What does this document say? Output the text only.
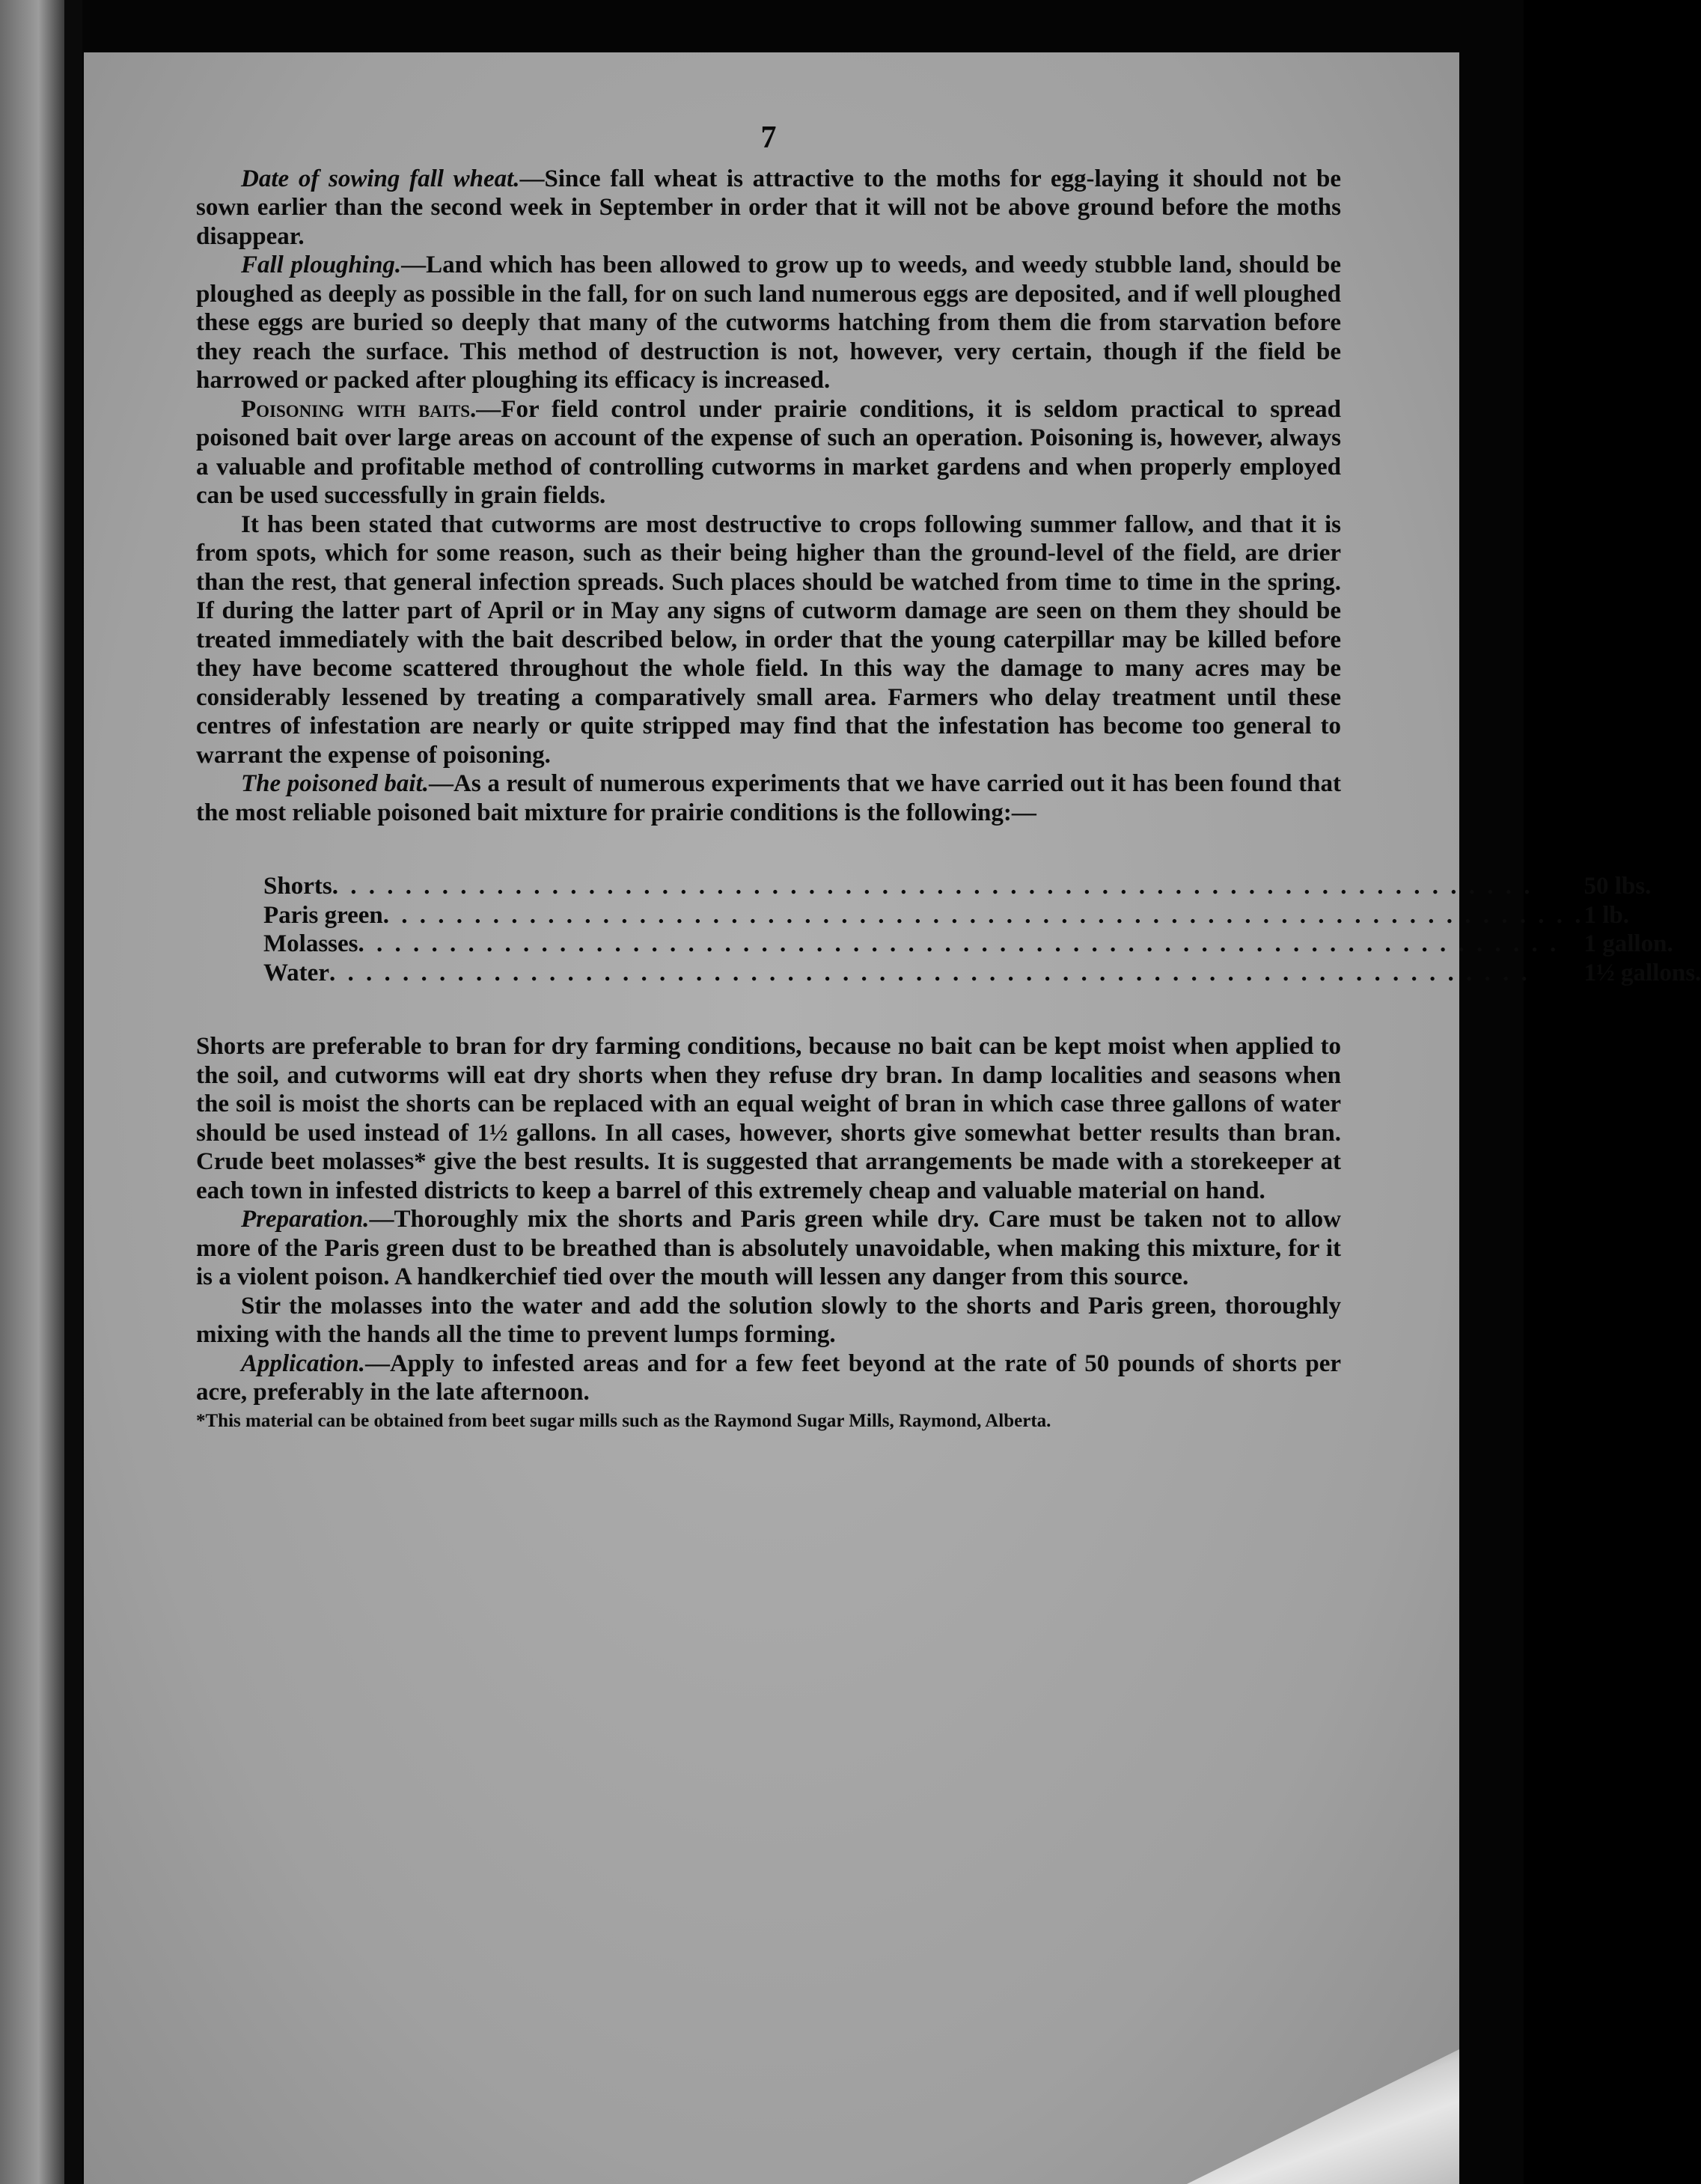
7

Date of sowing fall wheat.—Since fall wheat is attractive to the moths for egg-laying it should not be sown earlier than the second week in September in order that it will not be above ground before the moths disappear.

Fall ploughing.—Land which has been allowed to grow up to weeds, and weedy stubble land, should be ploughed as deeply as possible in the fall, for on such land numerous eggs are deposited, and if well ploughed these eggs are buried so deeply that many of the cutworms hatching from them die from starvation before they reach the surface. This method of destruction is not, however, very certain, though if the field be harrowed or packed after ploughing its efficacy is increased.

Poisoning with baits.—For field control under prairie conditions, it is seldom practical to spread poisoned bait over large areas on account of the expense of such an operation. Poisoning is, however, always a valuable and profitable method of controlling cutworms in market gardens and when properly employed can be used successfully in grain fields.

It has been stated that cutworms are most destructive to crops following summer fallow, and that it is from spots, which for some reason, such as their being higher than the ground-level of the field, are drier than the rest, that general infection spreads. Such places should be watched from time to time in the spring. If during the latter part of April or in May any signs of cutworm damage are seen on them they should be treated immediately with the bait described below, in order that the young caterpillar may be killed before they have become scattered throughout the whole field. In this way the damage to many acres may be considerably lessened by treating a comparatively small area. Farmers who delay treatment until these centres of infestation are nearly or quite stripped may find that the infestation has become too general to warrant the expense of poisoning.

The poisoned bait.—As a result of numerous experiments that we have carried out it has been found that the most reliable poisoned bait mixture for prairie conditions is the following:—

Shorts . . . . . . . . . . . . . . . . . . . . . . . . . . . . . . . . . . . . . . . . . . . . . . . . . . . . . . . . . . . . . . . . . .	50 lbs.

Paris green . . . . . . . . . . . . . . . . . . . . . . . . . . . . . . . . . . . . . . . . . . . . . . . . . . . . . . . . . . . . . . . . . .	1 lb.

Molasses . . . . . . . . . . . . . . . . . . . . . . . . . . . . . . . . . . . . . . . . . . . . . . . . . . . . . . . . . . . . . . . . . .	1 gallon.

Water . . . . . . . . . . . . . . . . . . . . . . . . . . . . . . . . . . . . . . . . . . . . . . . . . . . . . . . . . . . . . . . . . .	1½ gallons.

Shorts are preferable to bran for dry farming conditions, because no bait can be kept moist when applied to the soil, and cutworms will eat dry shorts when they refuse dry bran. In damp localities and seasons when the soil is moist the shorts can be replaced with an equal weight of bran in which case three gallons of water should be used instead of 1½ gallons. In all cases, however, shorts give somewhat better results than bran. Crude beet molasses* give the best results. It is suggested that arrangements be made with a storekeeper at each town in infested districts to keep a barrel of this extremely cheap and valuable material on hand.

Preparation.—Thoroughly mix the shorts and Paris green while dry. Care must be taken not to allow more of the Paris green dust to be breathed than is absolutely unavoidable, when making this mixture, for it is a violent poison. A handkerchief tied over the mouth will lessen any danger from this source.

Stir the molasses into the water and add the solution slowly to the shorts and Paris green, thoroughly mixing with the hands all the time to prevent lumps forming.

Application.—Apply to infested areas and for a few feet beyond at the rate of 50 pounds of shorts per acre, preferably in the late afternoon.

*This material can be obtained from beet sugar mills such as the Raymond Sugar Mills, Raymond, Alberta.
